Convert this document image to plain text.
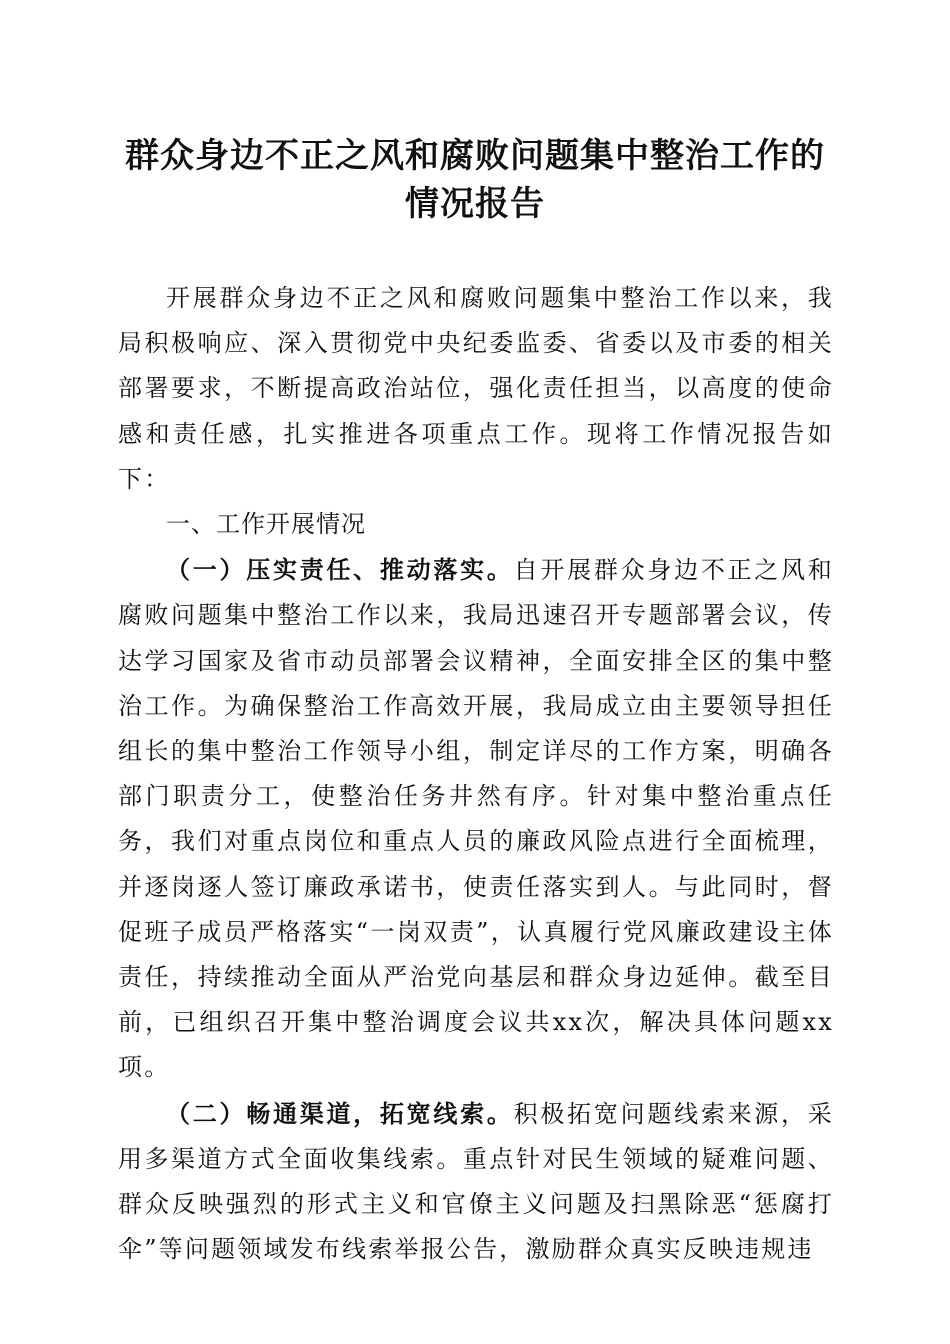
群众身边不正之风和腐败问题集中整治工作的
情况报告

开展群众身边不正之风和腐败问题集中整治工作以来，我局积极响应、深入贯彻党中央纪委监委、省委以及市委的相关部署要求，不断提高政治站位，强化责任担当，以高度的使命感和责任感，扎实推进各项重点工作。现将工作情况报告如下：

一、工作开展情况

（一）压实责任、推动落实。自开展群众身边不正之风和腐败问题集中整治工作以来，我局迅速召开专题部署会议，传达学习国家及省市动员部署会议精神，全面安排全区的集中整治工作。为确保整治工作高效开展，我局成立由主要领导担任组长的集中整治工作领导小组，制定详尽的工作方案，明确各部门职责分工，使整治任务井然有序。针对集中整治重点任务，我们对重点岗位和重点人员的廉政风险点进行全面梳理，并逐岗逐人签订廉政承诺书，使责任落实到人。与此同时，督促班子成员严格落实“一岗双责”，认真履行党风廉政建设主体责任，持续推动全面从严治党向基层和群众身边延伸。截至目前，已组织召开集中整治调度会议共xx次，解决具体问题xx项。

（二）畅通渠道，拓宽线索。积极拓宽问题线索来源，采用多渠道方式全面收集线索。重点针对民生领域的疑难问题、群众反映强烈的形式主义和官僚主义问题及扫黑除恶“惩腐打伞”等问题领域发布线索举报公告，激励群众真实反映违规违
